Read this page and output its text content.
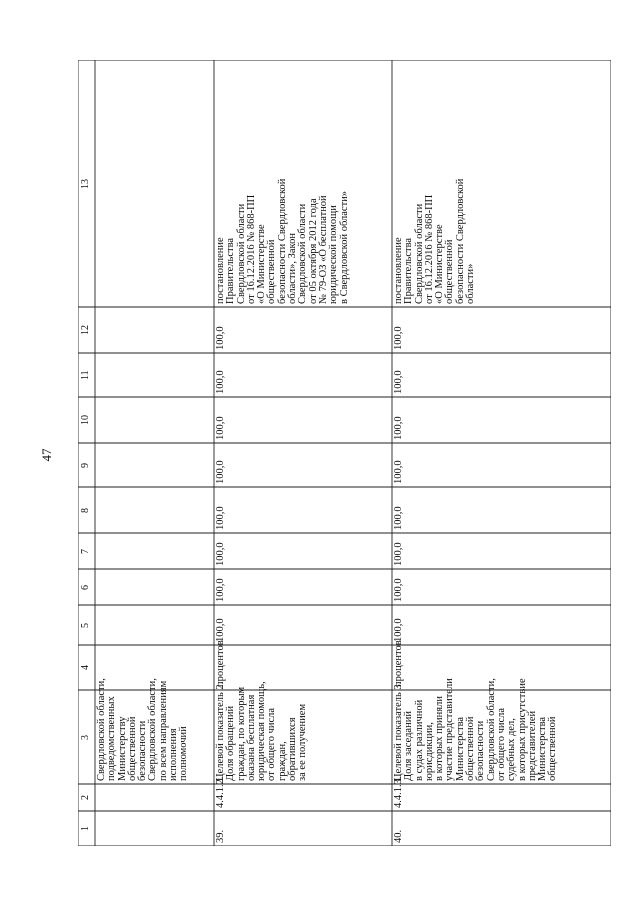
47
1
2
3
4
5
6
7
8
9
10
11
12
13
Свердловской области,
подведомственных
Министерству
общественной
безопасности
Свердловской области,
по всем направлениям
исполнения
полномочий
39.
4.4.1.2.
Целевой показатель 2.
Доля обращений
граждан, по которым
оказана бесплатная
юридическая помощь,
от общего числа
граждан,
обратившихся
за ее получением
процентов
100,0
100,0
100,0
100,0
100,0
100,0
100,0
100,0
постановление
Правительства
Свердловской области
от 16.12.2016 № 868-ПП
«О Министерстве
общественной
безопасности Свердловской
области», Закон
Свердловской области
от 05 октября 2012 года
№ 79-ОЗ «О бесплатной
юридической помощи
в Свердловской области»
40.
4.4.1.3.
Целевой показатель 3.
Доля заседаний
в судах различной
юрисдикции,
в которых приняли
участие представители
Министерства
общественной
безопасности
Свердловской области,
от общего числа
судебных дел,
в которых присутствие
представителей
Министерства
общественной
процентов
100,0
100,0
100,0
100,0
100,0
100,0
100,0
100,0
постановление
Правительства
Свердловской области
от 16.12.2016 № 868-ПП
«О Министерстве
общественной
безопасности Свердловской
области»
